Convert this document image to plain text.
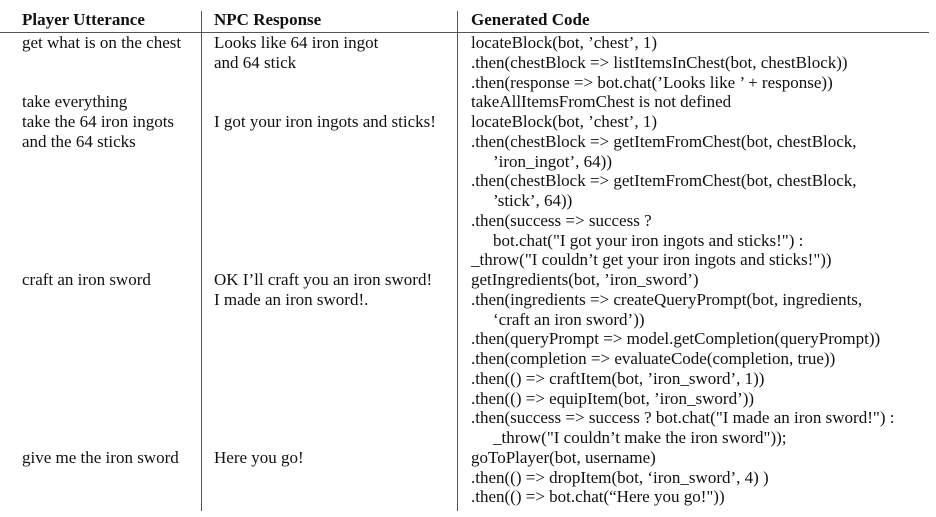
Player Utterance	NPC Response	Generated Code
get what is on the chest
take everything
take the 64 iron ingots
and the 64 sticks
craft an iron sword
give me the iron sword
Looks like 64 iron ingot
and 64 stick
I got your iron ingots and sticks!
OK I’ll craft you an iron sword!
I made an iron sword!.
Here you go!
locateBlock(bot, ’chest’, 1)
.then(chestBlock => listItemsInChest(bot, chestBlock))
.then(response => bot.chat(’Looks like ’ + response))
takeAllItemsFromChest is not defined
locateBlock(bot, ’chest’, 1)
.then(chestBlock => getItemFromChest(bot, chestBlock,
’iron_ingot’, 64))
.then(chestBlock => getItemFromChest(bot, chestBlock,
’stick’, 64))
.then(success => success ?
bot.chat("I got your iron ingots and sticks!") :
_throw("I couldn’t get your iron ingots and sticks!"))
getIngredients(bot, ’iron_sword’)
.then(ingredients => createQueryPrompt(bot, ingredients,
‘craft an iron sword’))
.then(queryPrompt => model.getCompletion(queryPrompt))
.then(completion => evaluateCode(completion, true))
.then(() => craftItem(bot, ’iron_sword’, 1))
.then(() => equipItem(bot, ’iron_sword’))
.then(success => success ? bot.chat("I made an iron sword!") :
_throw("I couldn’t make the iron sword"));
goToPlayer(bot, username)
.then(() => dropItem(bot, ‘iron_sword’, 4) )
.then(() => bot.chat(“Here you go!"))
